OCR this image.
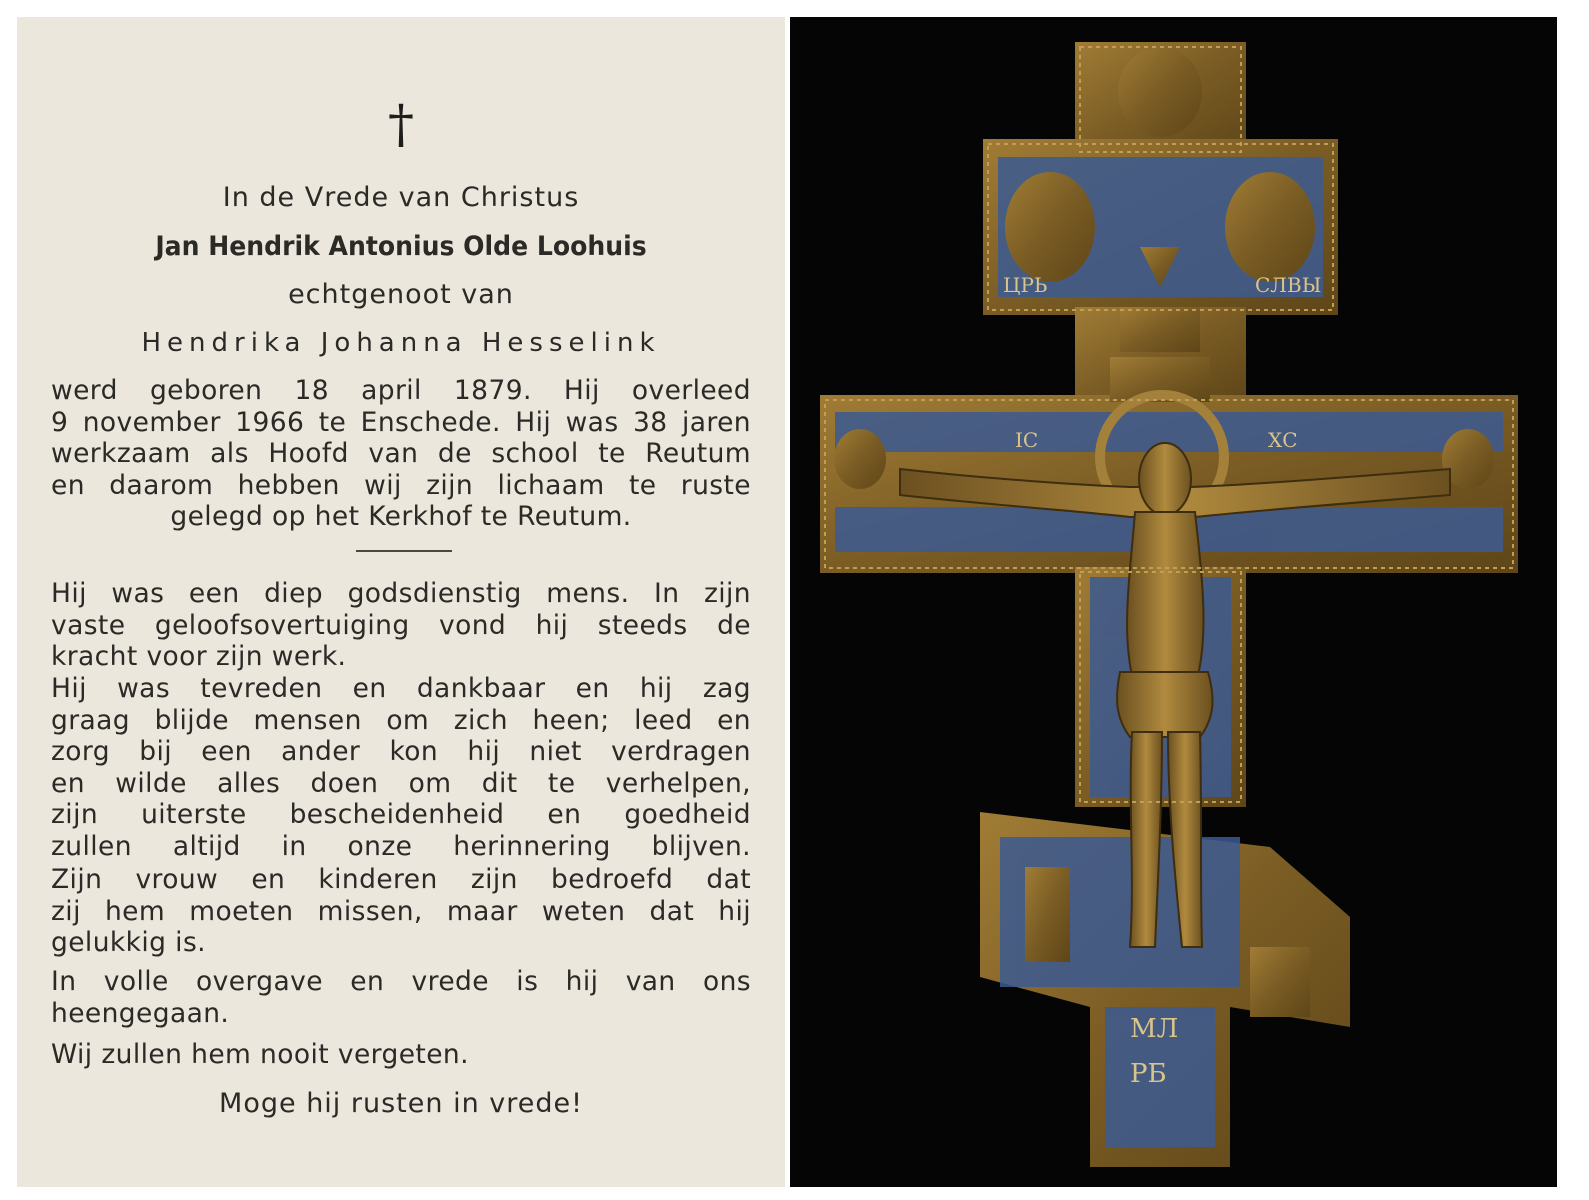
†
In de Vrede van Christus
Jan Hendrik Antonius Olde Loohuis
echtgenoot van
Hendrika Johanna Hesselink
werd geboren 18 april 1879. Hij overleed
9 november 1966 te Enschede. Hij was 38 jaren
werkzaam als Hoofd van de school te Reutum
en daarom hebben wij zijn lichaam te ruste
gelegd op het Kerkhof te Reutum.
Hij was een diep godsdienstig mens. In zijn
vaste geloofsovertuiging vond hij steeds de
kracht voor zijn werk.
Hij was tevreden en dankbaar en hij zag
graag blijde mensen om zich heen; leed en
zorg bij een ander kon hij niet verdragen
en wilde alles doen om dit te verhelpen,
zijn uiterste bescheidenheid en goedheid
zullen altijd in onze herinnering blijven.
Zijn vrouw en kinderen zijn bedroefd dat
zij hem moeten missen, maar weten dat hij
gelukkig is.
In volle overgave en vrede is hij van ons
heengegaan.
Wij zullen hem nooit vergeten.
Moge hij rusten in vrede!
ЦРЬ	СЛВЫ
ІС	ХС
МЛ
РБ
